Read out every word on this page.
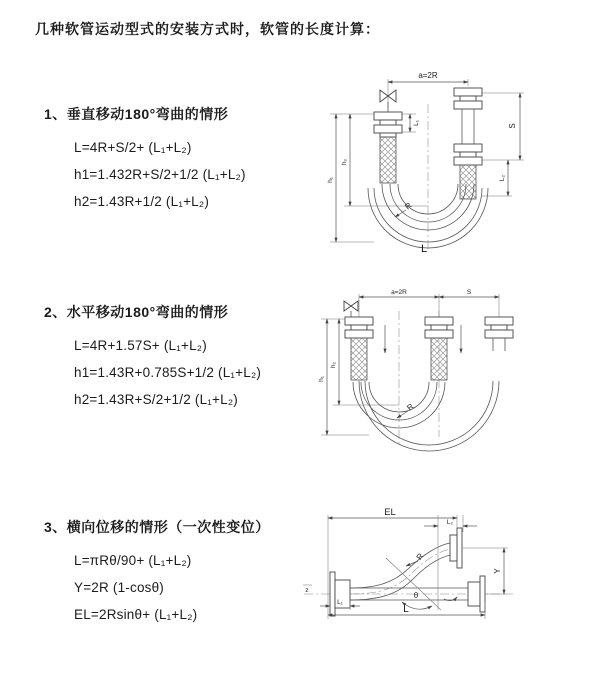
几种软管运动型式的安装方式时，软管的长度计算：
1、垂直移动180°弯曲的情形
L=4R+S/2+ (L₁+L₂)
h1=1.432R+S/2+1/2 (L₁+L₂)
h2=1.43R+1/2 (L₁+L₂)
a=2R
h₁
h₂
L₁
S
L₂
R
L
2、水平移动180°弯曲的情形
L=4R+1.57S+ (L₁+L₂)
h1=1.43R+0.785S+1/2 (L₁+L₂)
h2=1.43R+S/2+1/2 (L₁+L₂)
a=2R	S
h₁
h₂
R
3、横向位移的情形（一次性变位）
L=πRθ/90+ (L₁+L₂)
Y=2R (1-cosθ)
EL=2Rsinθ+ (L₁+L₂)
z
EL
L₂
Y
L₁
L
R
θ
